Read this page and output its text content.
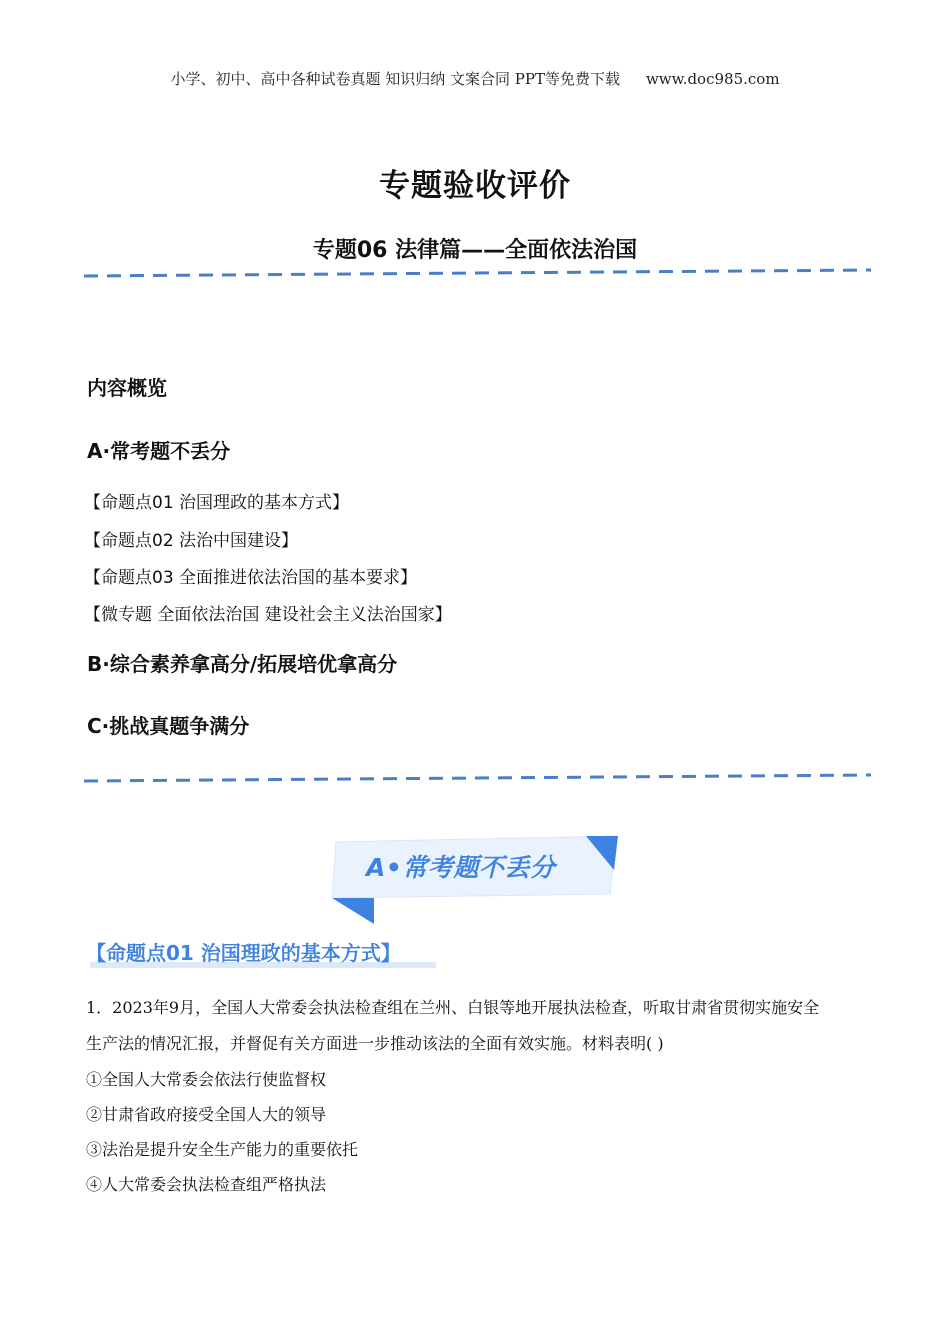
小学、初中、高中各种试卷真题 知识归纳 文案合同 PPT等免费下载 www.doc985.com
专题验收评价
专题06 法律篇——全面依法治国
内容概览
A·常考题不丢分
【命题点01 治国理政的基本方式】
【命题点02 法治中国建设】
【命题点03 全面推进依法治国的基本要求】
【微专题 全面依法治国 建设社会主义法治国家】
B·综合素养拿高分/拓展培优拿高分
C·挑战真题争满分
A•常考题不丢分
【命题点01 治国理政的基本方式】
1．2023年9月，全国人大常委会执法检查组在兰州、白银等地开展执法检查，听取甘肃省贯彻实施安全
生产法的情况汇报，并督促有关方面进一步推动该法的全面有效实施。材料表明( )
①全国人大常委会依法行使监督权
②甘肃省政府接受全国人大的领导
③法治是提升安全生产能力的重要依托
④人大常委会执法检查组严格执法
